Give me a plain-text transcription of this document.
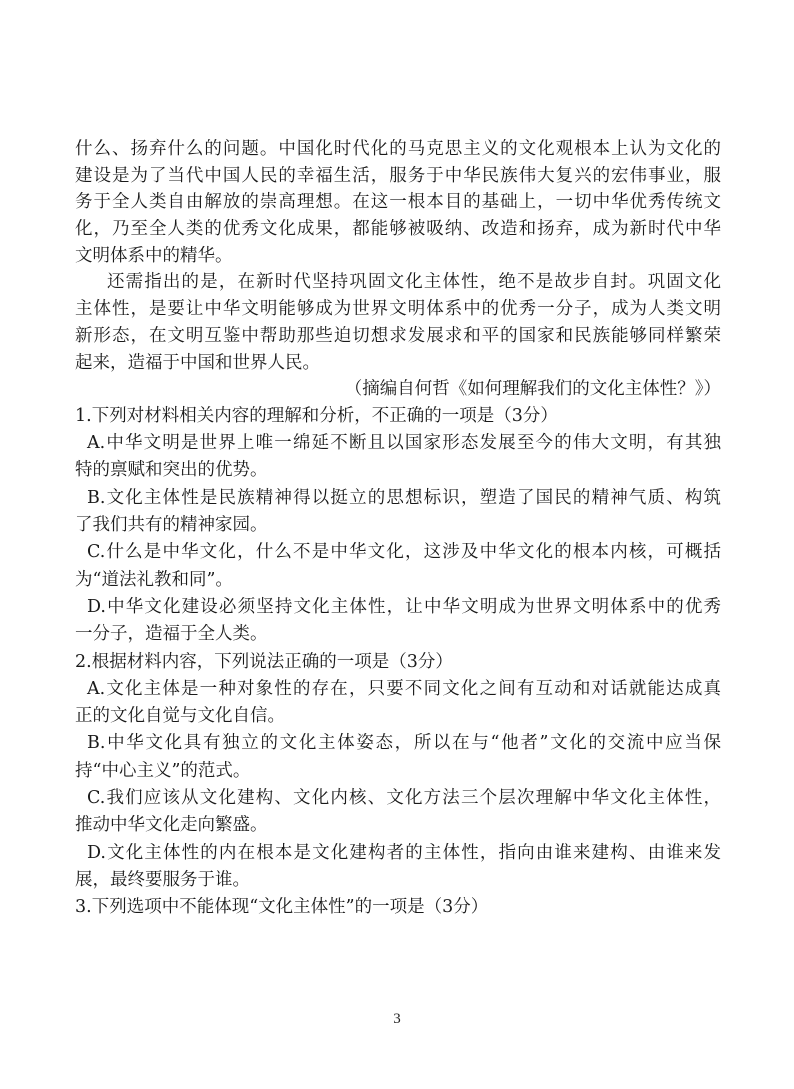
什么、扬弃什么的问题。中国化时代化的马克思主义的文化观根本上认为文化的
建设是为了当代中国人民的幸福生活，服务于中华民族伟大复兴的宏伟事业，服
务于全人类自由解放的崇高理想。在这一根本目的基础上，一切中华优秀传统文
化，乃至全人类的优秀文化成果，都能够被吸纳、改造和扬弃，成为新时代中华
文明体系中的精华。
还需指出的是，在新时代坚持巩固文化主体性，绝不是故步自封。巩固文化
主体性，是要让中华文明能够成为世界文明体系中的优秀一分子，成为人类文明
新形态，在文明互鉴中帮助那些迫切想求发展求和平的国家和民族能够同样繁荣
起来，造福于中国和世界人民。
（摘编自何哲《如何理解我们的文化主体性？》）
1.下列对材料相关内容的理解和分析，不正确的一项是（3分）
A.中华文明是世界上唯一绵延不断且以国家形态发展至今的伟大文明，有其独
特的禀赋和突出的优势。
B.文化主体性是民族精神得以挺立的思想标识，塑造了国民的精神气质、构筑
了我们共有的精神家园。
C.什么是中华文化，什么不是中华文化，这涉及中华文化的根本内核，可概括
为“道法礼教和同”。
D.中华文化建设必须坚持文化主体性，让中华文明成为世界文明体系中的优秀
一分子，造福于全人类。
2.根据材料内容，下列说法正确的一项是（3分）
A.文化主体是一种对象性的存在，只要不同文化之间有互动和对话就能达成真
正的文化自觉与文化自信。
B.中华文化具有独立的文化主体姿态，所以在与“他者”文化的交流中应当保
持“中心主义”的范式。
C.我们应该从文化建构、文化内核、文化方法三个层次理解中华文化主体性，
推动中华文化走向繁盛。
D.文化主体性的内在根本是文化建构者的主体性，指向由谁来建构、由谁来发
展，最终要服务于谁。
3.下列选项中不能体现“文化主体性”的一项是（3分）
3
